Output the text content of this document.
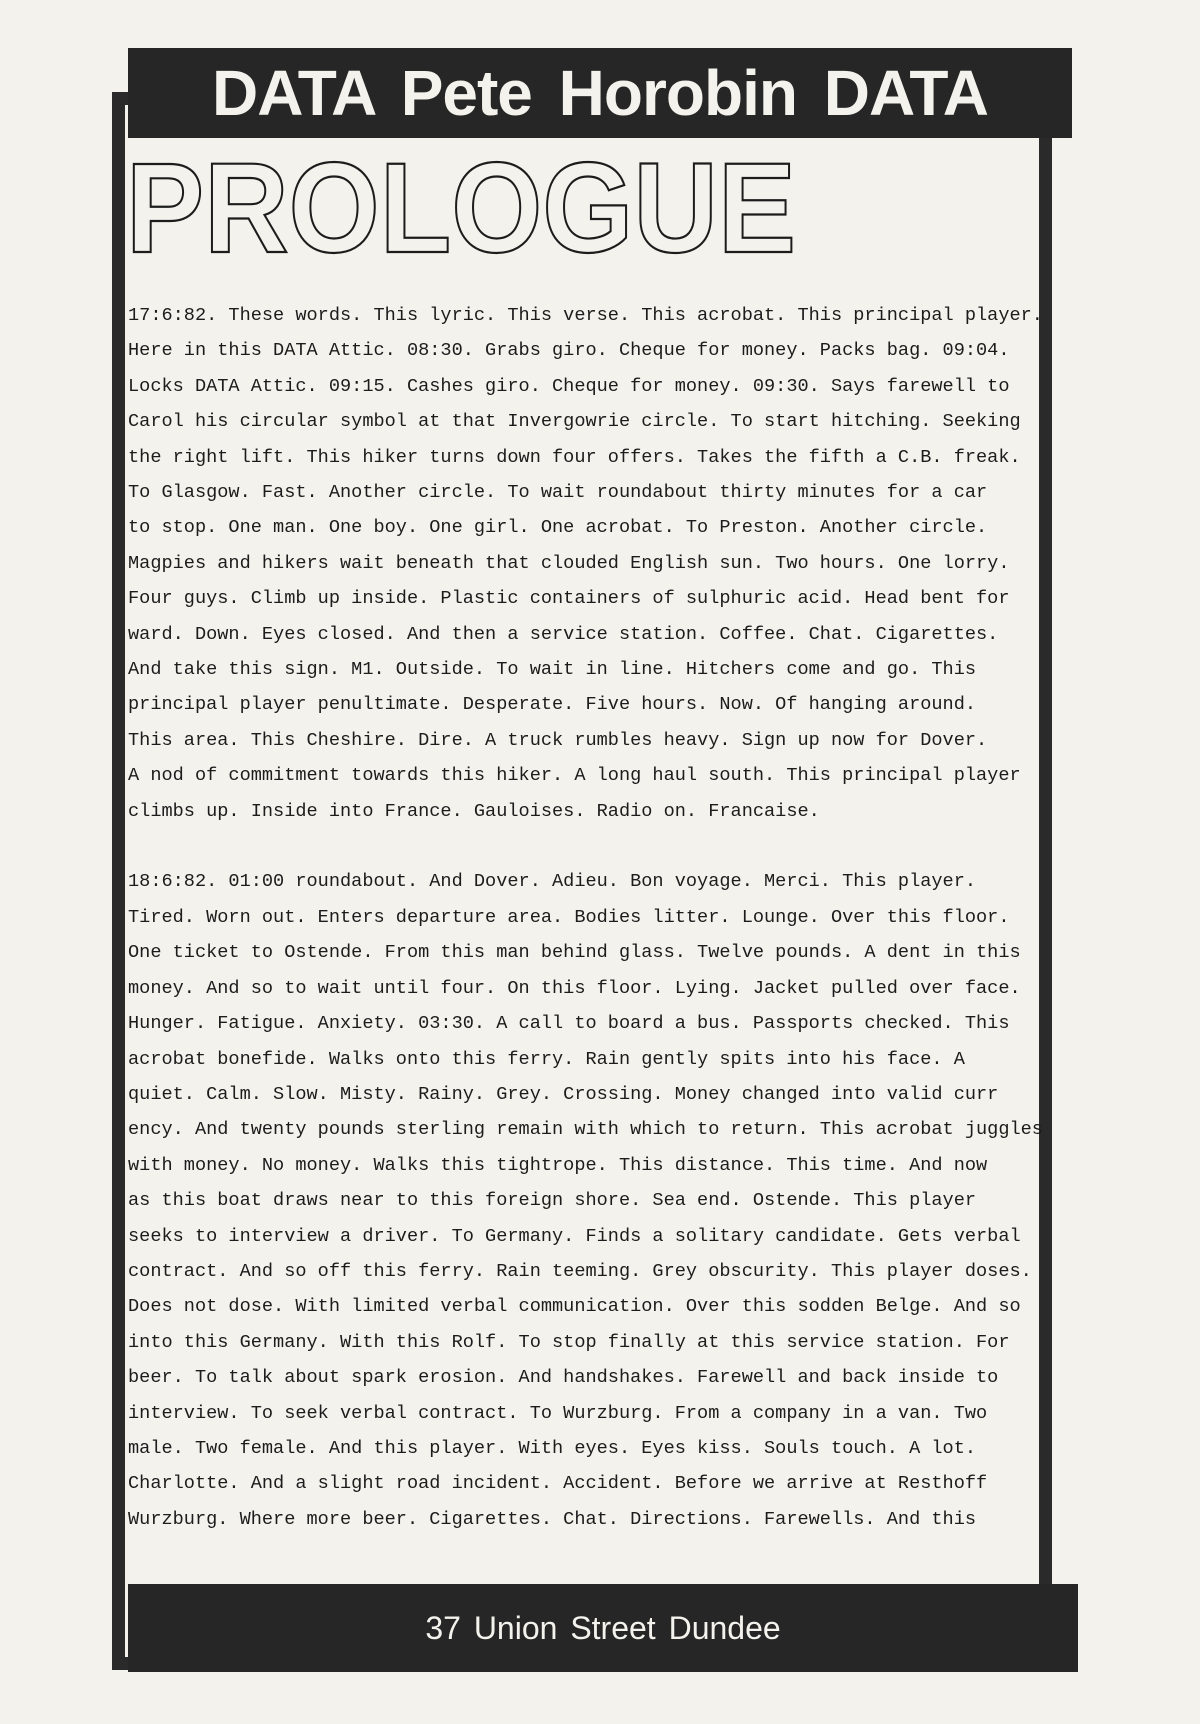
DATA Pete Horobin DATA
PROLOGUE
17:6:82. These words. This lyric. This verse. This acrobat. This principal player.
Here in this DATA Attic. 08:30. Grabs giro. Cheque for money. Packs bag. 09:04.
Locks DATA Attic. 09:15. Cashes giro. Cheque for money. 09:30. Says farewell to
Carol his circular symbol at that Invergowrie circle. To start hitching. Seeking
the right lift. This hiker turns down four offers. Takes the fifth a C.B. freak.
To Glasgow. Fast. Another circle. To wait roundabout thirty minutes for a car
to stop. One man. One boy. One girl. One acrobat. To Preston. Another circle.
Magpies and hikers wait beneath that clouded English sun. Two hours. One lorry.
Four guys. Climb up inside. Plastic containers of sulphuric acid. Head bent for
ward. Down. Eyes closed. And then a service station. Coffee. Chat. Cigarettes.
And take this sign. M1. Outside. To wait in line. Hitchers come and go. This
principal player penultimate. Desperate. Five hours. Now. Of hanging around.
This area. This Cheshire. Dire. A truck rumbles heavy. Sign up now for Dover.
A nod of commitment towards this hiker. A long haul south. This principal player
climbs up. Inside into France. Gauloises. Radio on. Francaise.
18:6:82. 01:00 roundabout. And Dover. Adieu. Bon voyage. Merci. This player.
Tired. Worn out. Enters departure area. Bodies litter. Lounge. Over this floor.
One ticket to Ostende. From this man behind glass. Twelve pounds. A dent in this
money. And so to wait until four. On this floor. Lying. Jacket pulled over face.
Hunger. Fatigue. Anxiety. 03:30. A call to board a bus. Passports checked. This
acrobat bonefide. Walks onto this ferry. Rain gently spits into his face. A
quiet. Calm. Slow. Misty. Rainy. Grey. Crossing. Money changed into valid curr
ency. And twenty pounds sterling remain with which to return. This acrobat juggles
with money. No money. Walks this tightrope. This distance. This time. And now
as this boat draws near to this foreign shore. Sea end. Ostende. This player
seeks to interview a driver. To Germany. Finds a solitary candidate. Gets verbal
contract. And so off this ferry. Rain teeming. Grey obscurity. This player doses.
Does not dose. With limited verbal communication. Over this sodden Belge. And so
into this Germany. With this Rolf. To stop finally at this service station. For
beer. To talk about spark erosion. And handshakes. Farewell and back inside to
interview. To seek verbal contract. To Wurzburg. From a company in a van. Two
male. Two female. And this player. With eyes. Eyes kiss. Souls touch. A lot.
Charlotte. And a slight road incident. Accident. Before we arrive at Resthoff
Wurzburg. Where more beer. Cigarettes. Chat. Directions. Farewells. And this
37 Union Street Dundee
